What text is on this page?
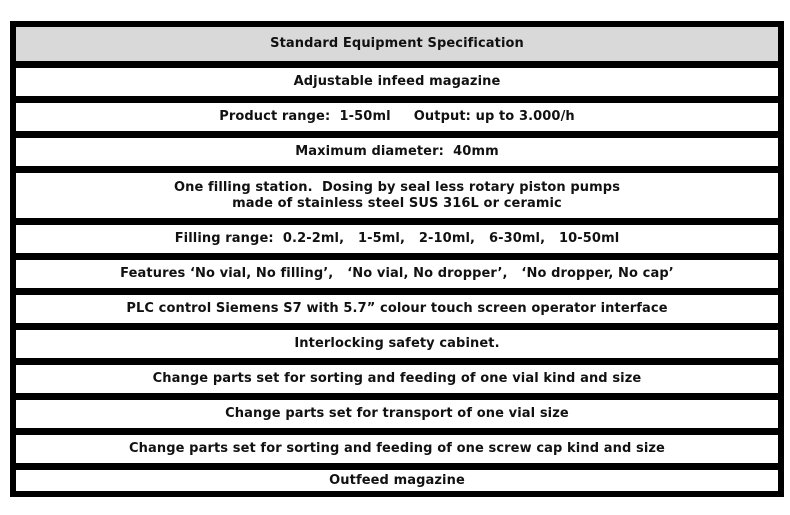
Standard Equipment Specification
Adjustable infeed magazine
Product range:  1-50ml     Output: up to 3.000/h
Maximum diameter:  40mm
One filling station.  Dosing by seal less rotary piston pumps
made of stainless steel SUS 316L or ceramic
Filling range:  0.2-2ml,   1-5ml,   2-10ml,   6-30ml,   10-50ml
Features ‘No vial, No filling’,   ‘No vial, No dropper’,   ‘No dropper, No cap’
PLC control Siemens S7 with 5.7” colour touch screen operator interface
Interlocking safety cabinet.
Change parts set for sorting and feeding of one vial kind and size
Change parts set for transport of one vial size
Change parts set for sorting and feeding of one screw cap kind and size
Outfeed magazine
